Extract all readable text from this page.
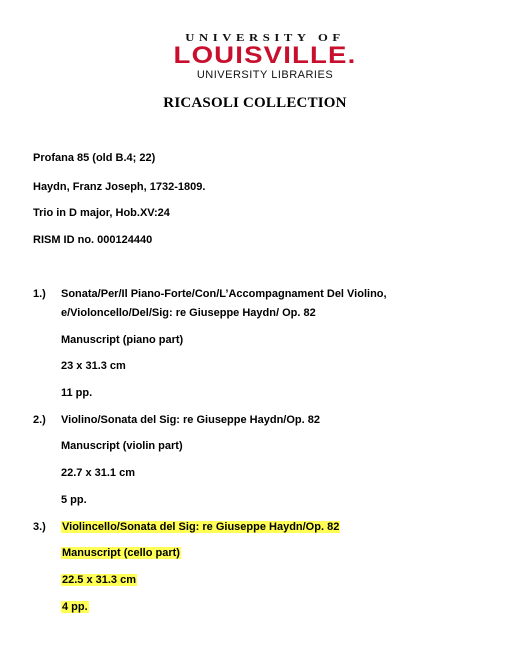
UNIVERSITY OF
LOUISVILLE.
UNIVERSITY LIBRARIES
RICASOLI COLLECTION
Profana 85 (old B.4; 22)
Haydn, Franz Joseph, 1732-1809.
Trio in D major, Hob.XV:24
RISM ID no. 000124440
1.) Sonata/Per/Il Piano-Forte/Con/L’Accompagnament Del Violino,
e/Violoncello/Del/Sig: re Giuseppe Haydn/ Op. 82
Manuscript (piano part)
23 x 31.3 cm
11 pp.
2.) Violino/Sonata del Sig: re Giuseppe Haydn/Op. 82
Manuscript (violin part)
22.7 x 31.1 cm
5 pp.
3.) Violincello/Sonata del Sig: re Giuseppe Haydn/Op. 82
Manuscript (cello part)
22.5 x 31.3 cm
4 pp.
